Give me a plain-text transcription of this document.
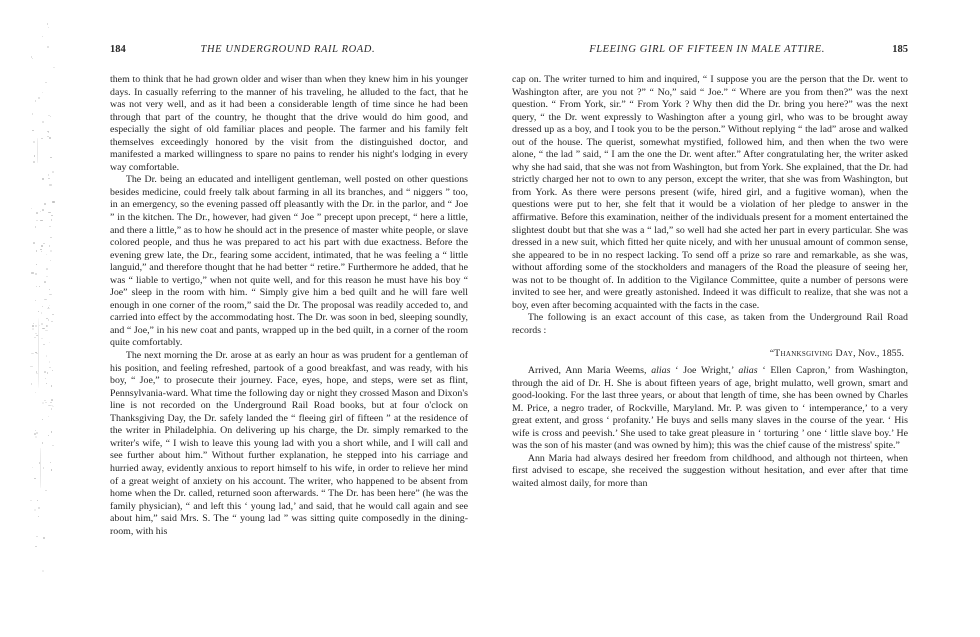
184	THE UNDERGROUND RAIL ROAD.

them to think that he had grown older and wiser than when they knew him in his younger days. In casually referring to the manner of his traveling, he alluded to the fact, that he was not very well, and as it had been a considerable length of time since he had been through that part of the country, he thought that the drive would do him good, and especially the sight of old familiar places and people. The farmer and his family felt themselves exceedingly honored by the visit from the distinguished doctor, and manifested a marked willingness to spare no pains to render his night's lodging in every way comfortable.

The Dr. being an educated and intelligent gentleman, well posted on other questions besides medicine, could freely talk about farming in all its branches, and “ niggers ” too, in an emergency, so the evening passed off pleasantly with the Dr. in the parlor, and “ Joe ” in the kitchen. The Dr., however, had given “ Joe ” precept upon precept, “ here a little, and there a little,” as to how he should act in the presence of master white people, or slave colored people, and thus he was prepared to act his part with due exactness. Before the evening grew late, the Dr., fearing some accident, intimated, that he was feeling a “ little languid,” and therefore thought that he had better “ retire.” Furthermore he added, that he was “ liable to vertigo,” when not quite well, and for this reason he must have his boy “ Joe” sleep in the room with him. “ Simply give him a bed quilt and he will fare well enough in one corner of the room,” said the Dr. The proposal was readily acceded to, and carried into effect by the accommodating host. The Dr. was soon in bed, sleeping soundly, and “ Joe,” in his new coat and pants, wrapped up in the bed quilt, in a corner of the room quite comfortably.

The next morning the Dr. arose at as early an hour as was prudent for a gentleman of his position, and feeling refreshed, partook of a good breakfast, and was ready, with his boy, “ Joe,” to prosecute their journey. Face, eyes, hope, and steps, were set as flint, Pennsylvania-ward. What time the following day or night they crossed Mason and Dixon's line is not recorded on the Underground Rail Road books, but at four o'clock on Thanksgiving Day, the Dr. safely landed the “ fleeing girl of fifteen ” at the residence of the writer in Philadelphia. On delivering up his charge, the Dr. simply remarked to the writer's wife, “ I wish to leave this young lad with you a short while, and I will call and see further about him.” Without further explanation, he stepped into his carriage and hurried away, evidently anxious to report himself to his wife, in order to relieve her mind of a great weight of anxiety on his account. The writer, who happened to be absent from home when the Dr. called, returned soon afterwards. “ The Dr. has been here” (he was the family physician), “ and left this ‘ young lad,’ and said, that he would call again and see about him,” said Mrs. S. The “ young lad ” was sitting quite composedly in the dining-room, with his

FLEEING GIRL OF FIFTEEN IN MALE ATTIRE.	185

cap on. The writer turned to him and inquired, “ I suppose you are the person that the Dr. went to Washington after, are you not ?” “ No,” said “ Joe.” “ Where are you from then?” was the next question. “ From York, sir.” “ From York ? Why then did the Dr. bring you here?” was the next query, “ the Dr. went expressly to Washington after a young girl, who was to be brought away dressed up as a boy, and I took you to be the person.” Without replying “ the lad” arose and walked out of the house. The querist, somewhat mystified, followed him, and then when the two were alone, “ the lad ” said, “ I am the one the Dr. went after.” After congratulating her, the writer asked why she had said, that she was not from Washington, but from York. She explained, that the Dr. had strictly charged her not to own to any person, except the writer, that she was from Washington, but from York. As there were persons present (wife, hired girl, and a fugitive woman), when the questions were put to her, she felt that it would be a violation of her pledge to answer in the affirmative. Before this examination, neither of the individuals present for a moment entertained the slightest doubt but that she was a “ lad,” so well had she acted her part in every particular. She was dressed in a new suit, which fitted her quite nicely, and with her unusual amount of common sense, she appeared to be in no respect lacking. To send off a prize so rare and remarkable, as she was, without affording some of the stockholders and managers of the Road the pleasure of seeing her, was not to be thought of. In addition to the Vigilance Committee, quite a number of persons were invited to see her, and were greatly astonished. Indeed it was difficult to realize, that she was not a boy, even after becoming acquainted with the facts in the case.

The following is an exact account of this case, as taken from the Underground Rail Road records :

“Thanksgiving Day, Nov., 1855.

Arrived, Ann Maria Weems, alias ‘ Joe Wright,’ alias ‘ Ellen Capron,’ from Washington, through the aid of Dr. H. She is about fifteen years of age, bright mulatto, well grown, smart and good-looking. For the last three years, or about that length of time, she has been owned by Charles M. Price, a negro trader, of Rockville, Maryland. Mr. P. was given to ‘ intemperance,’ to a very great extent, and gross ‘ profanity.’ He buys and sells many slaves in the course of the year. ‘ His wife is cross and peevish.’ She used to take great pleasure in ‘ torturing ’ one ‘ little slave boy.’ He was the son of his master (and was owned by him); this was the chief cause of the mistress' spite.”

Ann Maria had always desired her freedom from childhood, and although not thirteen, when first advised to escape, she received the suggestion without hesitation, and ever after that time waited almost daily, for more than
